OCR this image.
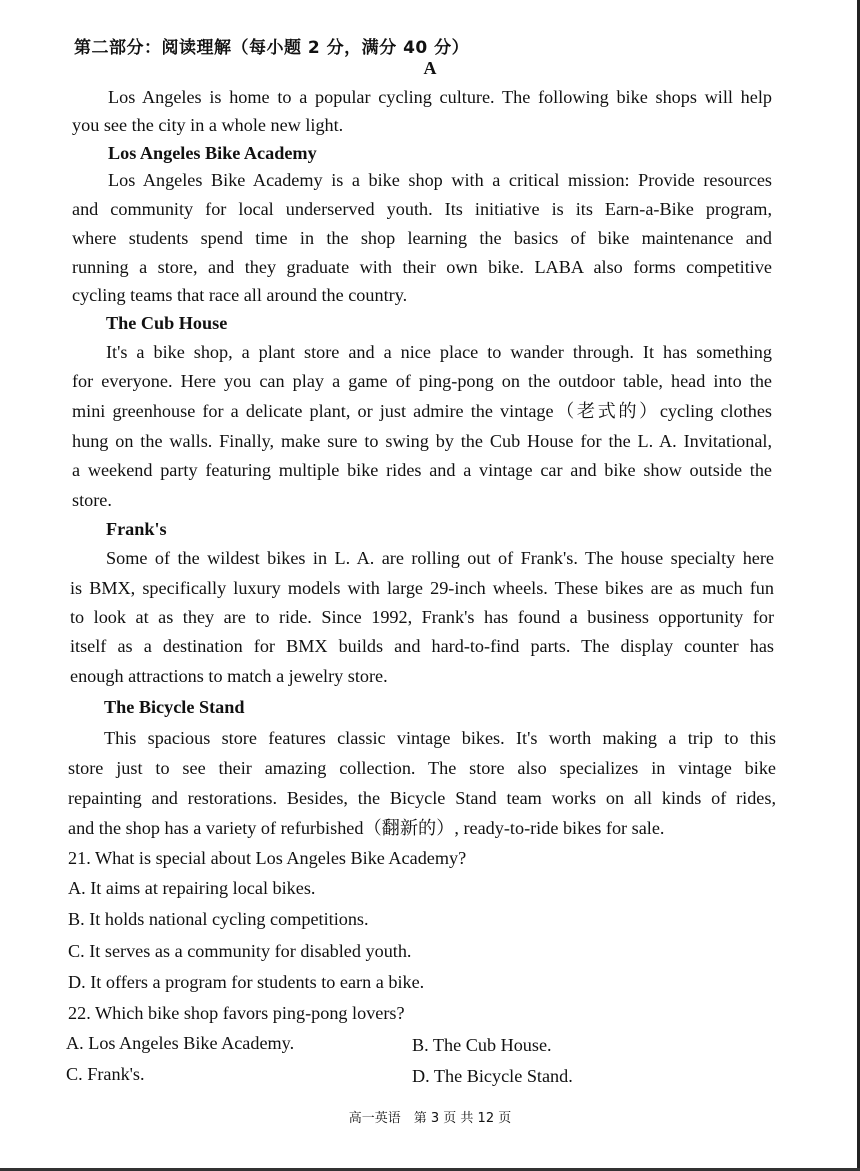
第二部分：阅读理解（每小题 2 分，满分 40 分）
A
Los Angeles is home to a popular cycling culture. The following bike shops will help
you see the city in a whole new light.
Los Angeles Bike Academy
Los Angeles Bike Academy is a bike shop with a critical mission: Provide resources
and community for local underserved youth. Its initiative is its Earn-a-Bike program,
where students spend time in the shop learning the basics of bike maintenance and
running a store, and they graduate with their own bike. LABA also forms competitive
cycling teams that race all around the country.
The Cub House
It's a bike shop, a plant store and a nice place to wander through. It has something
for everyone. Here you can play a game of ping-pong on the outdoor table, head into the
mini greenhouse for a delicate plant, or just admire the vintage（老式的）cycling clothes
hung on the walls. Finally, make sure to swing by the Cub House for the L. A. Invitational,
a weekend party featuring multiple bike rides and a vintage car and bike show outside the
store.
Frank's
Some of the wildest bikes in L. A. are rolling out of Frank's. The house specialty here
is BMX, specifically luxury models with large 29-inch wheels. These bikes are as much fun
to look at as they are to ride. Since 1992, Frank's has found a business opportunity for
itself as a destination for BMX builds and hard-to-find parts. The display counter has
enough attractions to match a jewelry store.
The Bicycle Stand
This spacious store features classic vintage bikes. It's worth making a trip to this
store just to see their amazing collection. The store also specializes in vintage bike
repainting and restorations. Besides, the Bicycle Stand team works on all kinds of rides,
and the shop has a variety of refurbished（翻新的）, ready-to-ride bikes for sale.
21. What is special about Los Angeles Bike Academy?
A. It aims at repairing local bikes.
B. It holds national cycling competitions.
C. It serves as a community for disabled youth.
D. It offers a program for students to earn a bike.
22. Which bike shop favors ping-pong lovers?
A. Los Angeles Bike Academy.	B. The Cub House.
C. Frank's.	D. The Bicycle Stand.
高一英语　第 3 页 共 12 页
